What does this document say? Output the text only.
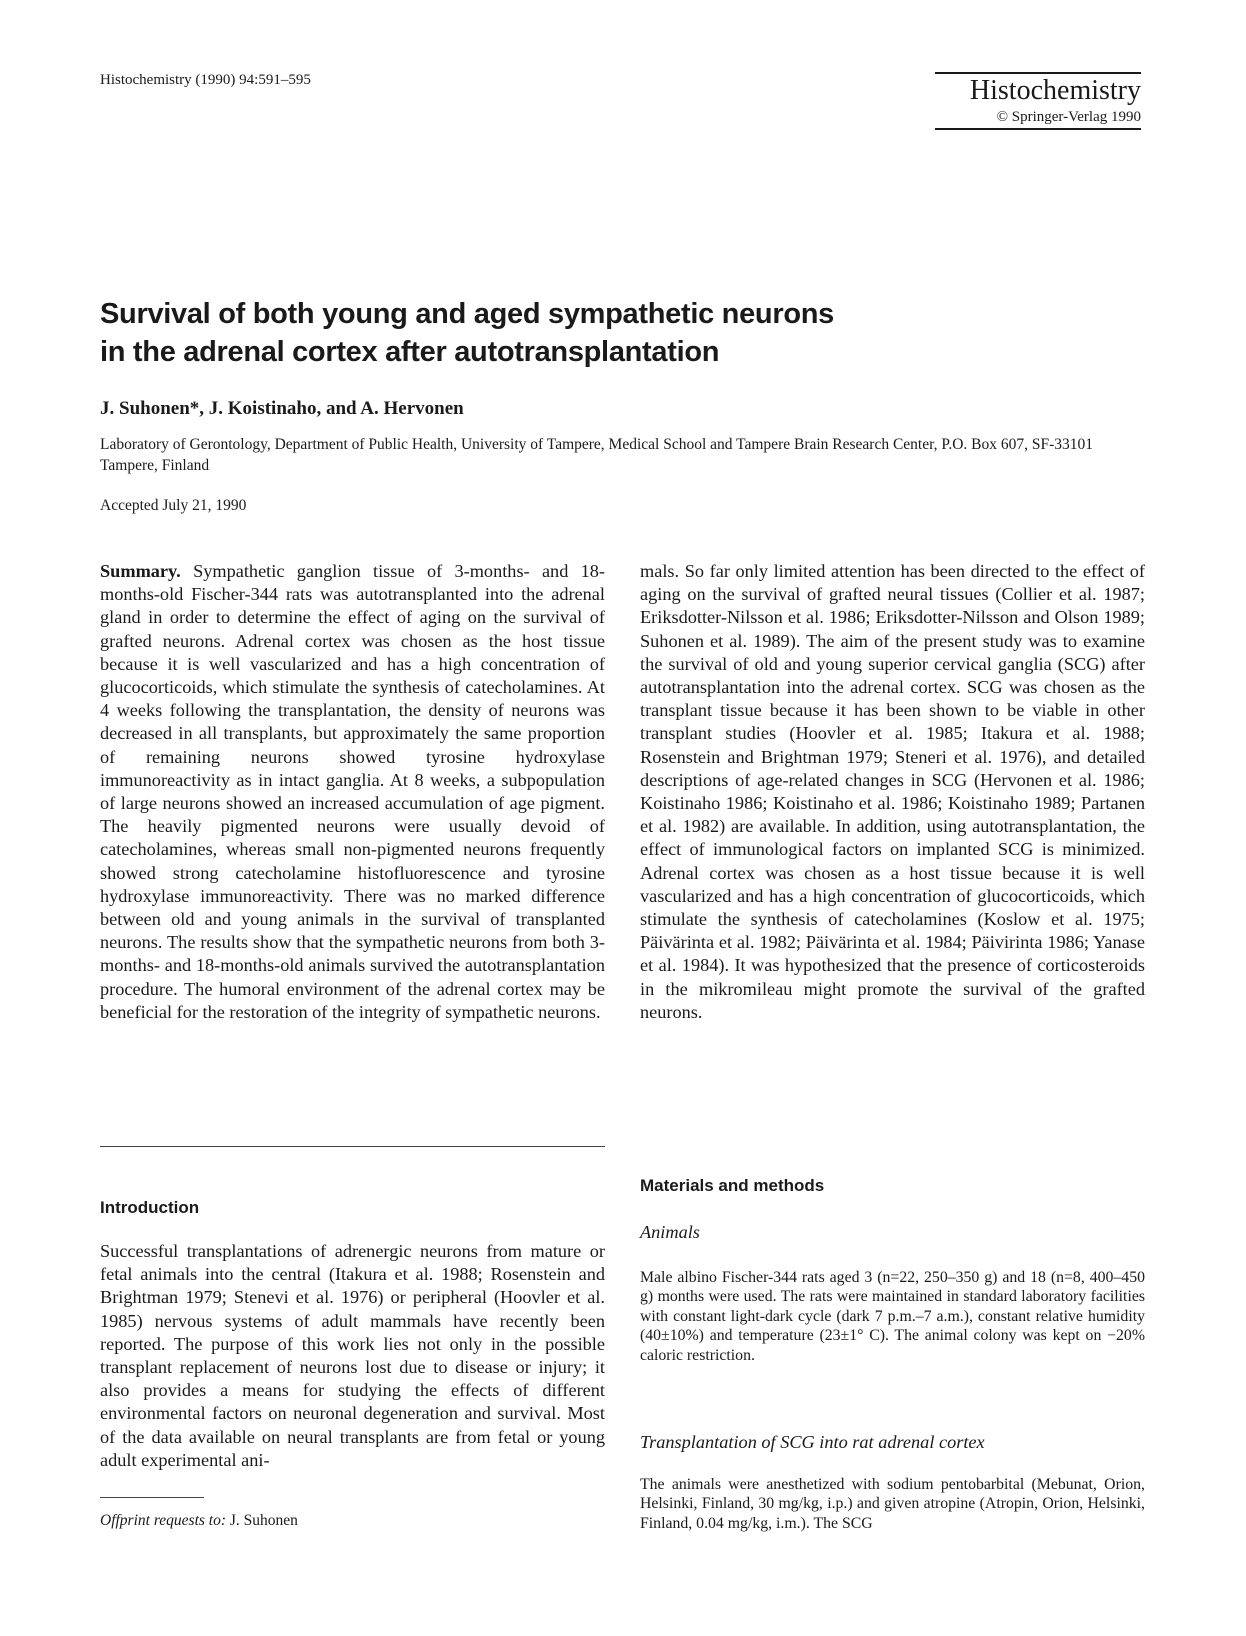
Histochemistry (1990) 94:591–595	Histochemistry
© Springer-Verlag 1990
Survival of both young and aged sympathetic neurons
in the adrenal cortex after autotransplantation
J. Suhonen*, J. Koistinaho, and A. Hervonen
Laboratory of Gerontology, Department of Public Health, University of Tampere, Medical School and Tampere Brain Research Center, P.O. Box 607, SF-33101 Tampere, Finland
Accepted July 21, 1990
Summary. Sympathetic ganglion tissue of 3-months- and 18-months-old Fischer-344 rats was autotransplanted into the adrenal gland in order to determine the effect of aging on the survival of grafted neurons. Adrenal cortex was chosen as the host tissue because it is well vascularized and has a high concentration of glucocorticoids, which stimulate the synthesis of catecholamines. At 4 weeks following the transplantation, the density of neurons was decreased in all transplants, but approximately the same proportion of remaining neurons showed tyrosine hydroxylase immunoreactivity as in intact ganglia. At 8 weeks, a subpopulation of large neurons showed an increased accumulation of age pigment. The heavily pigmented neurons were usually devoid of catecholamines, whereas small non-pigmented neurons frequently showed strong catecholamine histofluorescence and tyrosine hydroxylase immunoreactivity. There was no marked difference between old and young animals in the survival of transplanted neurons. The results show that the sympathetic neurons from both 3-months- and 18-months-old animals survived the autotransplantation procedure. The humoral environment of the adrenal cortex may be beneficial for the restoration of the integrity of sympathetic neurons.
Introduction
Successful transplantations of adrenergic neurons from mature or fetal animals into the central (Itakura et al. 1988; Rosenstein and Brightman 1979; Stenevi et al. 1976) or peripheral (Hoovler et al. 1985) nervous systems of adult mammals have recently been reported. The purpose of this work lies not only in the possible transplant replacement of neurons lost due to disease or injury; it also provides a means for studying the effects of different environmental factors on neuronal degeneration and survival. Most of the data available on neural transplants are from fetal or young adult experimental ani-
Offprint requests to: J. Suhonen
mals. So far only limited attention has been directed to the effect of aging on the survival of grafted neural tissues (Collier et al. 1987; Eriksdotter-Nilsson et al. 1986; Eriksdotter-Nilsson and Olson 1989; Suhonen et al. 1989). The aim of the present study was to examine the survival of old and young superior cervical ganglia (SCG) after autotransplantation into the adrenal cortex. SCG was chosen as the transplant tissue because it has been shown to be viable in other transplant studies (Hoovler et al. 1985; Itakura et al. 1988; Rosenstein and Brightman 1979; Steneri et al. 1976), and detailed descriptions of age-related changes in SCG (Hervonen et al. 1986; Koistinaho 1986; Koistinaho et al. 1986; Koistinaho 1989; Partanen et al. 1982) are available. In addition, using autotransplantation, the effect of immunological factors on implanted SCG is minimized. Adrenal cortex was chosen as a host tissue because it is well vascularized and has a high concentration of glucocorticoids, which stimulate the synthesis of catecholamines (Koslow et al. 1975; Päivärinta et al. 1982; Päivärinta et al. 1984; Päivirinta 1986; Yanase et al. 1984). It was hypothesized that the presence of corticosteroids in the mikromileau might promote the survival of the grafted neurons.
Materials and methods
Animals
Male albino Fischer-344 rats aged 3 (n=22, 250–350 g) and 18 (n=8, 400–450 g) months were used. The rats were maintained in standard laboratory facilities with constant light-dark cycle (dark 7 p.m.–7 a.m.), constant relative humidity (40±10%) and temperature (23±1° C). The animal colony was kept on −20% caloric restriction.
Transplantation of SCG into rat adrenal cortex
The animals were anesthetized with sodium pentobarbital (Mebunat, Orion, Helsinki, Finland, 30 mg/kg, i.p.) and given atropine (Atropin, Orion, Helsinki, Finland, 0.04 mg/kg, i.m.). The SCG
